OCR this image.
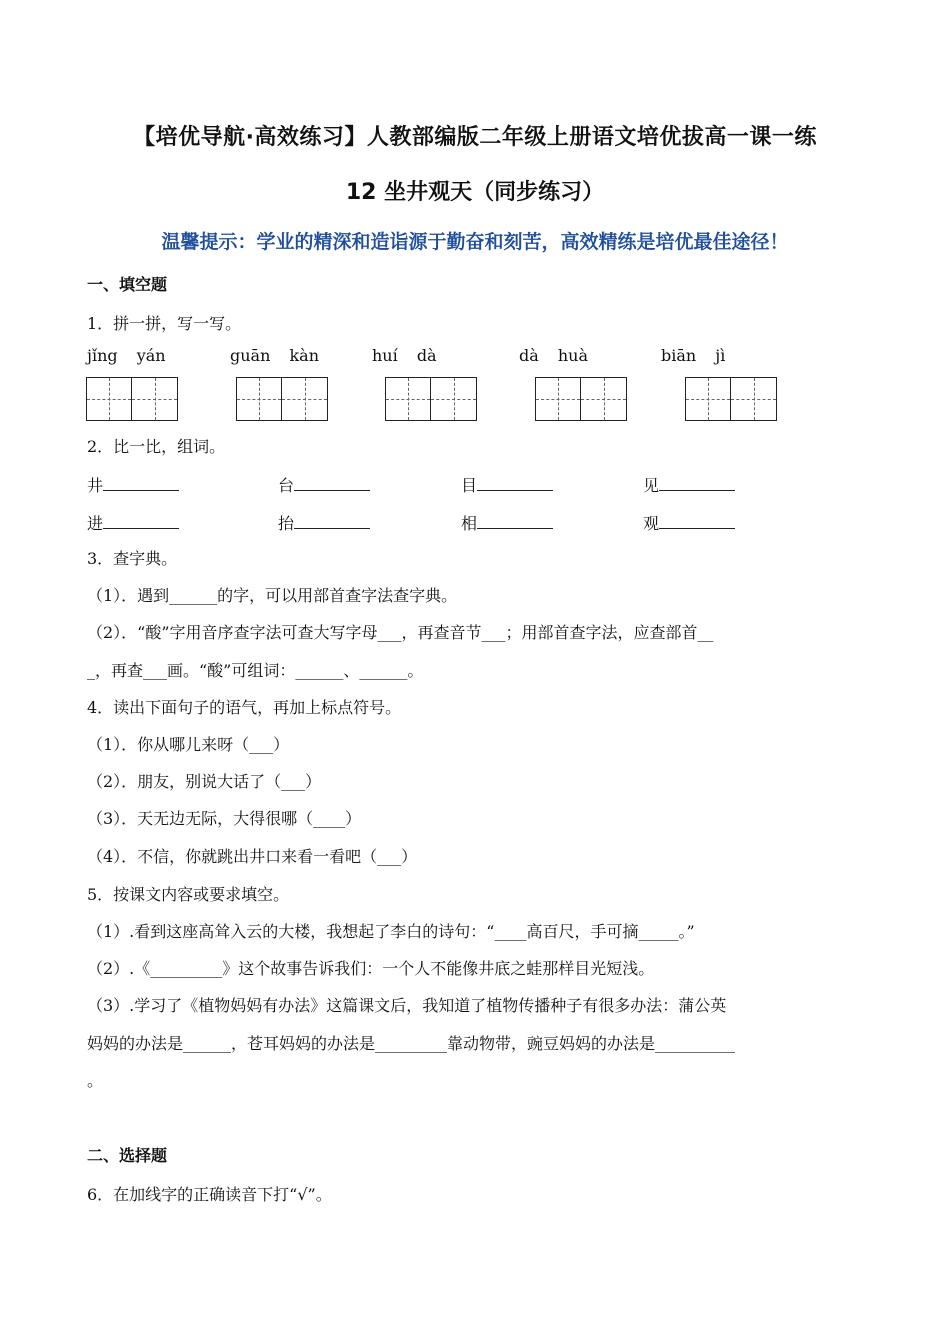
【培优导航·高效练习】人教部编版二年级上册语文培优拔高一课一练
12 坐井观天（同步练习）
温馨提示：学业的精深和造诣源于勤奋和刻苦，高效精练是培优最佳途径！
一、填空题
1．拼一拼，写一写。
jǐng yán	guān kàn	huí dà	dà huà	biān jì
2．比一比，组词。
井	台	目	见
进	抬	相	观
3．查字典。
（1）．遇到______的字，可以用部首查字法查字典。
（2）．“酸”字用音序查字法可查大写字母___，再查音节___；用部首查字法，应查部首__
_，再查___画。“酸”可组词：______、______。
4．读出下面句子的语气，再加上标点符号。
（1）．你从哪儿来呀（___）
（2）．朋友，别说大话了（___）
（3）．天无边无际，大得很哪（____）
（4）．不信，你就跳出井口来看一看吧（___）
5．按课文内容或要求填空。
（1）.看到这座高耸入云的大楼，我想起了李白的诗句：“____高百尺，手可摘_____。”
（2）.《_________》这个故事告诉我们：一个人不能像井底之蛙那样目光短浅。
（3）.学习了《植物妈妈有办法》这篇课文后，我知道了植物传播种子有很多办法：蒲公英
妈妈的办法是______，苍耳妈妈的办法是_________靠动物带，豌豆妈妈的办法是__________
。
二、选择题
6．在加线字的正确读音下打“√”。
